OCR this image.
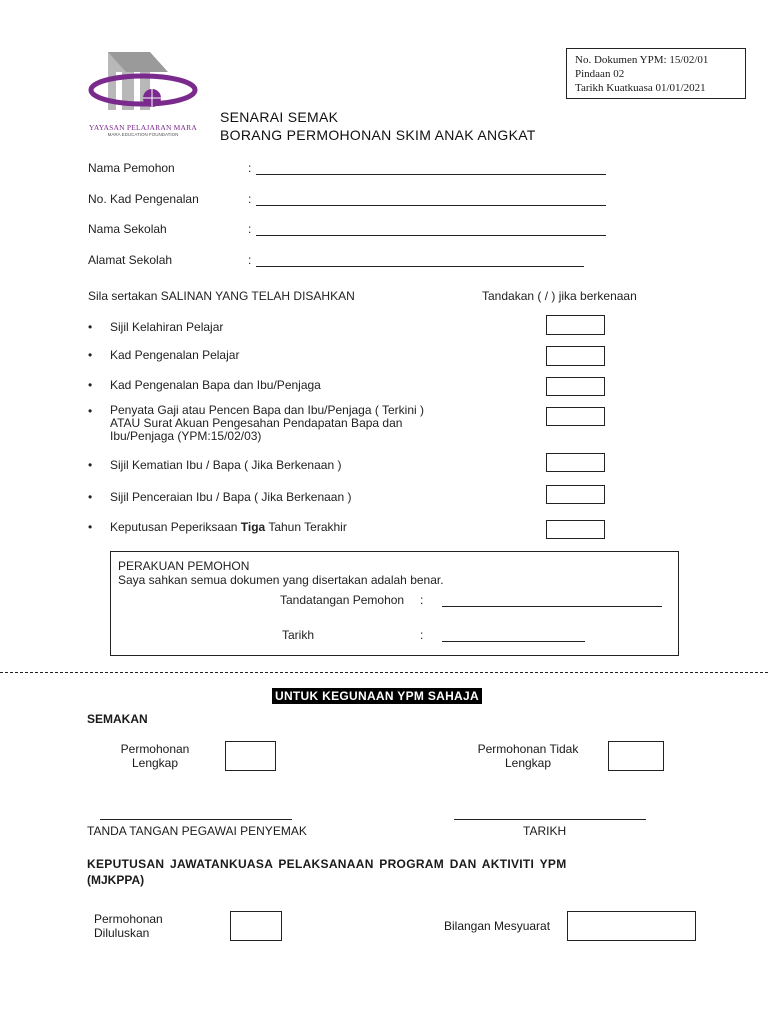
YAYASAN PELAJARAN MARA
MARA EDUCATION FOUNDATION
No. Dokumen YPM: 15/02/01
Pindaan 02
Tarikh Kuatkuasa 01/01/2021
SENARAI SEMAK
BORANG PERMOHONAN SKIM ANAK ANGKAT
Nama Pemohon	:
No. Kad Pengenalan	:
Nama Sekolah	:
Alamat Sekolah	:
Sila sertakan SALINAN YANG TELAH DISAHKAN	Tandakan ( / ) jika berkenaan
• Sijil Kelahiran Pelajar
• Kad Pengenalan Pelajar
• Kad Pengenalan Bapa dan Ibu/Penjaga
• Penyata Gaji atau Pencen Bapa dan Ibu/Penjaga ( Terkini )
ATAU Surat Akuan Pengesahan Pendapatan Bapa dan
Ibu/Penjaga (YPM:15/02/03)
• Sijil Kematian Ibu / Bapa ( Jika Berkenaan )
• Sijil Penceraian Ibu / Bapa ( Jika Berkenaan )
• Keputusan Peperiksaan Tiga Tahun Terakhir
PERAKUAN PEMOHON
Saya sahkan semua dokumen yang disertakan adalah benar.
Tandatangan Pemohon :
Tarikh	:
UNTUK KEGUNAAN YPM SAHAJA
SEMAKAN
Permohonan
Lengkap
Permohonan Tidak
Lengkap
TANDA TANGAN PEGAWAI PENYEMAK	TARIKH
KEPUTUSAN JAWATANKUASA PELAKSANAAN PROGRAM DAN AKTIVITI YPM
(MJKPPA)
Permohonan
Diluluskan	Bilangan Mesyuarat
